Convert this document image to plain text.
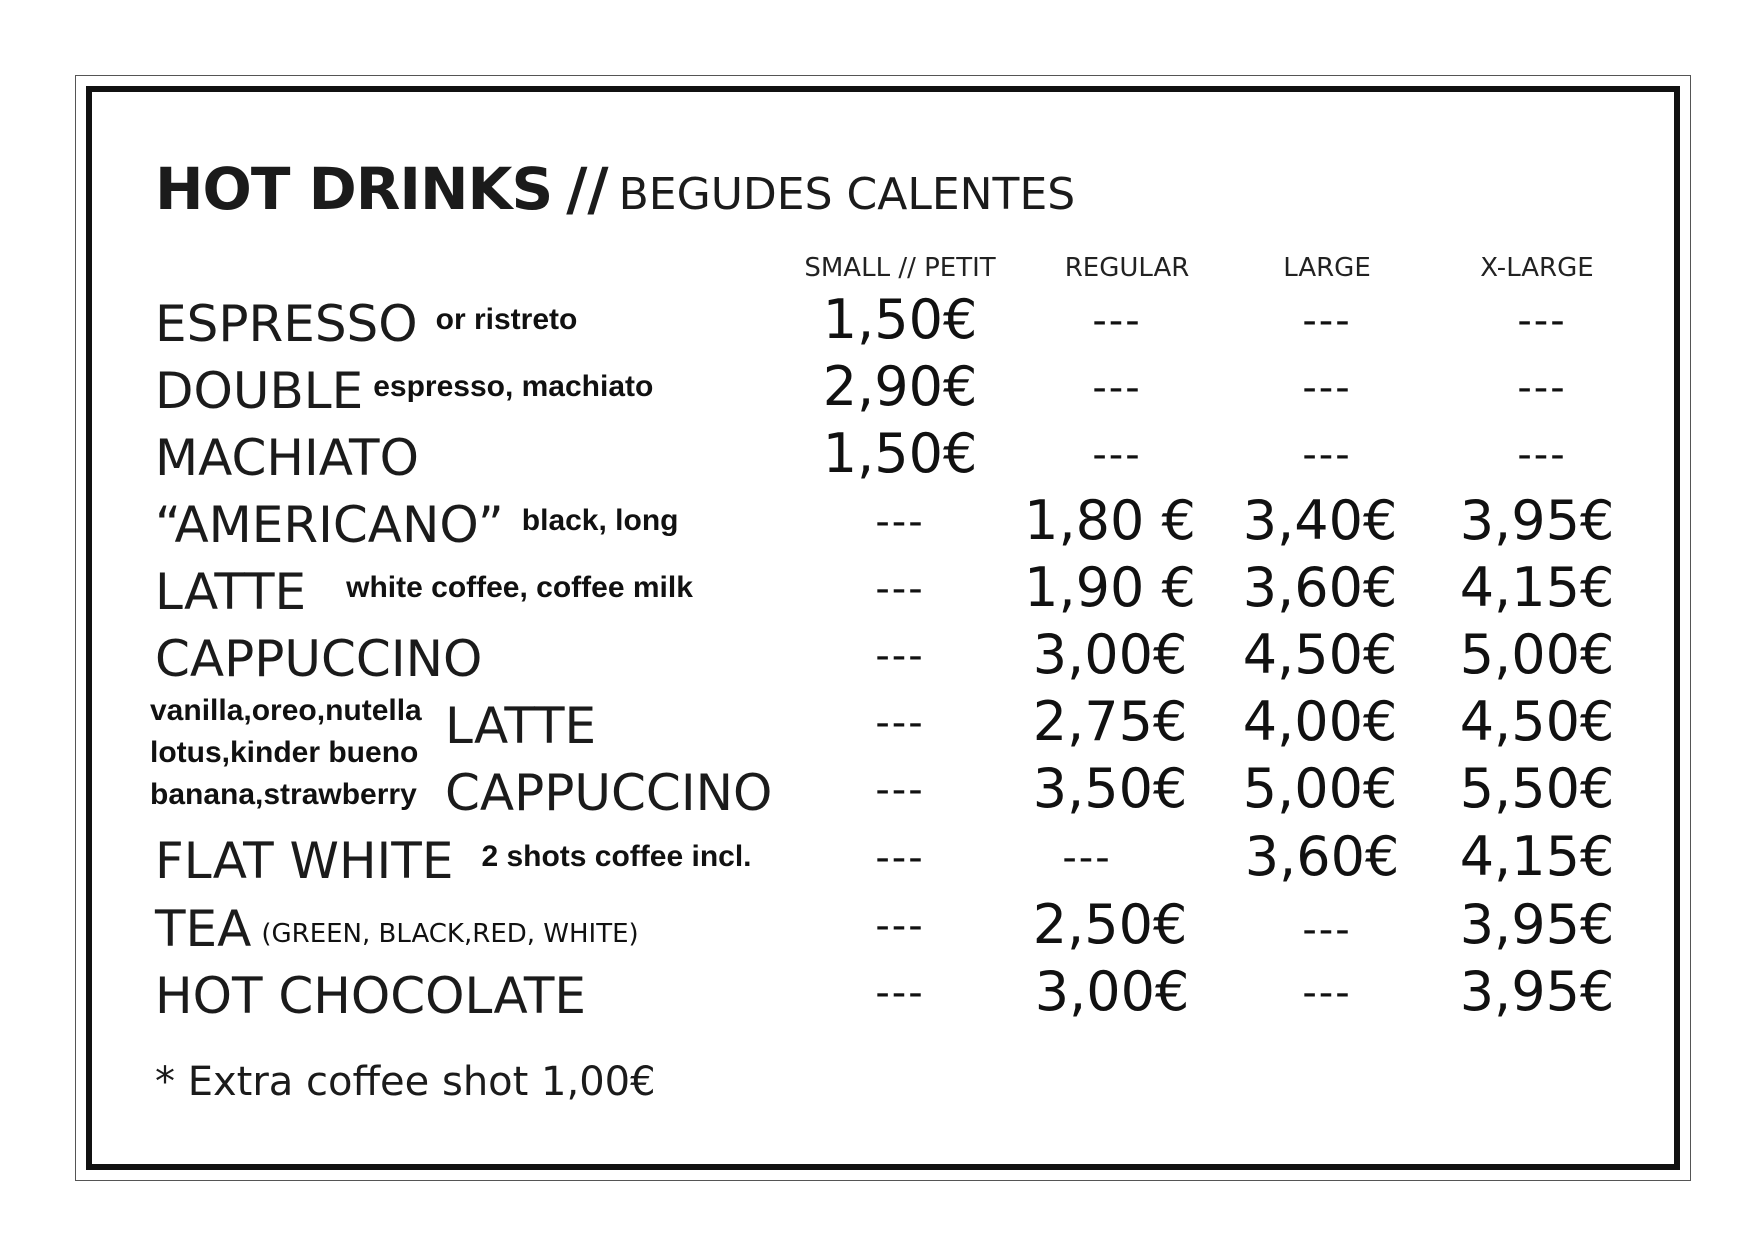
HOT DRINKS // BEGUDES CALENTES
SMALL // PETIT	REGULAR	LARGE	X-LARGE
ESPRESSO $^{or ristreto}$	1,50€	---	---	---
DOUBLE $^{espresso, machiato}$	2,90€	---	---	---
MACHIATO	1,50€	---	---	---
“AMERICANO” $^{black, long}$	--- 1,80 € 3,40€ 3,95€
LATTE $^{white coffee, coffee milk}$	--- 1,90 € 3,60€ 4,15€
CAPPUCCINO	--- 3,00€ 4,50€ 5,00€
vanilla,oreo,nutella
lotus,kinder bueno
banana,strawberry
LATTE	--- 2,75€ 4,00€ 4,50€
CAPPUCCINO	--- 3,50€ 5,00€ 5,50€
FLAT WHITE $^{2 shots coffee incl.}$	---	--- 3,60€ 4,15€
TEA (GREEN, BLACK,RED, WHITE)	--- 2,50€	--- 3,95€
HOT CHOCOLATE	--- 3,00€	--- 3,95€
* Extra coffee shot 1,00€
